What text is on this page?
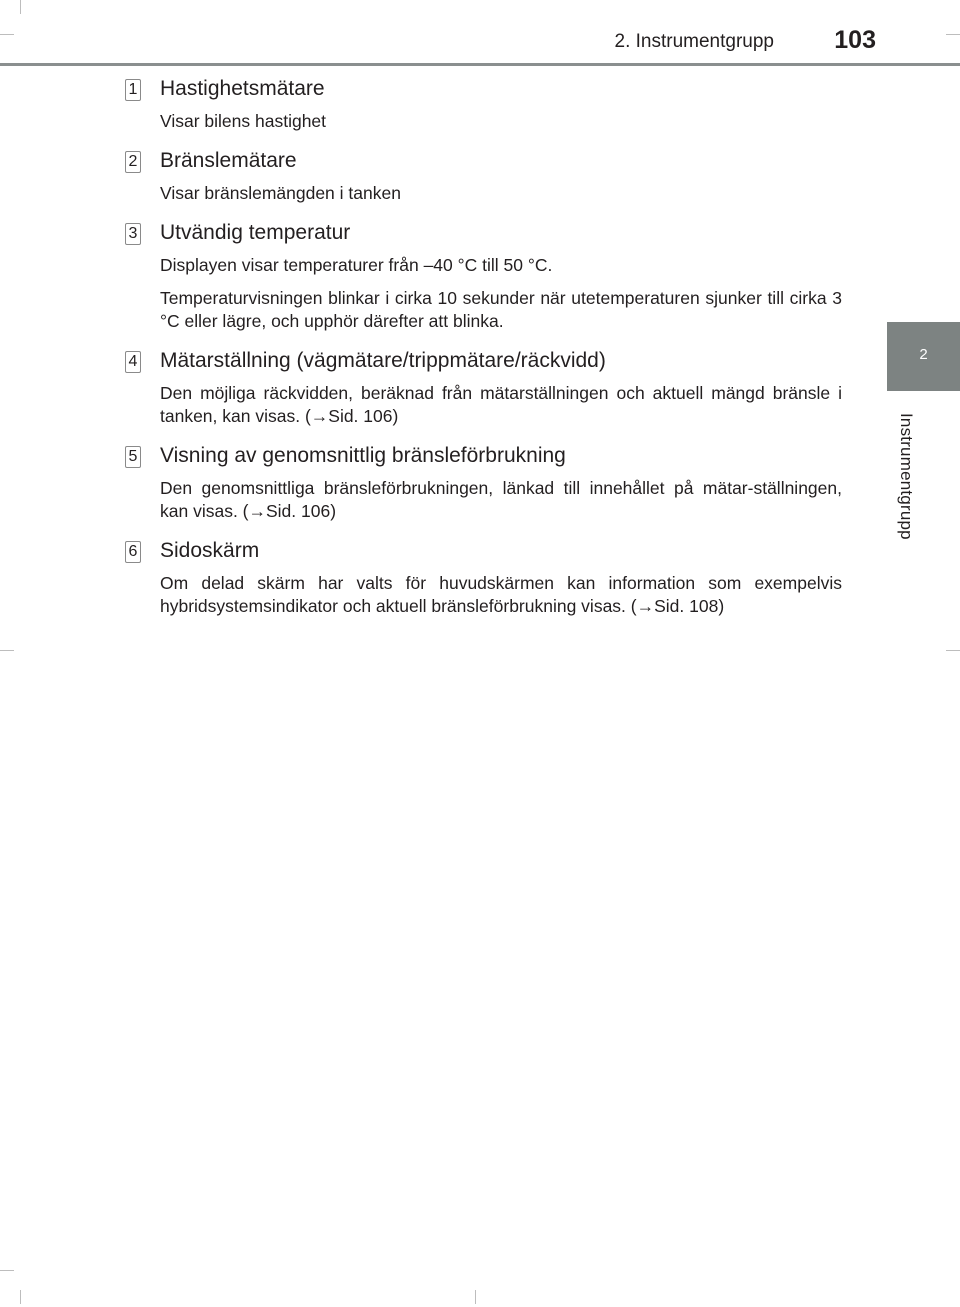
2. Instrumentgrupp 103
2
Instrumentgrupp
1 Hastighetsmätare

Visar bilens hastighet

2 Bränslemätare

Visar bränslemängden i tanken

3 Utvändig temperatur

Displayen visar temperaturer från –40 °C till 50 °C.

Temperaturvisningen blinkar i cirka 10 sekunder när utetemperaturen sjunker till cirka 3 °C eller lägre, och upphör därefter att blinka.

4 Mätarställning (vägmätare/trippmätare/räckvidd)

Den möjliga räckvidden, beräknad från mätarställningen och aktuell mängd bränsle i tanken, kan visas. (→Sid. 106)

5 Visning av genomsnittlig bränsleförbrukning

Den genomsnittliga bränsleförbrukningen, länkad till innehållet på mätar-ställningen, kan visas. (→Sid. 106)

6 Sidoskärm

Om delad skärm har valts för huvudskärmen kan information som exempelvis hybridsystemsindikator och aktuell bränsleförbrukning visas. (→Sid. 108)
